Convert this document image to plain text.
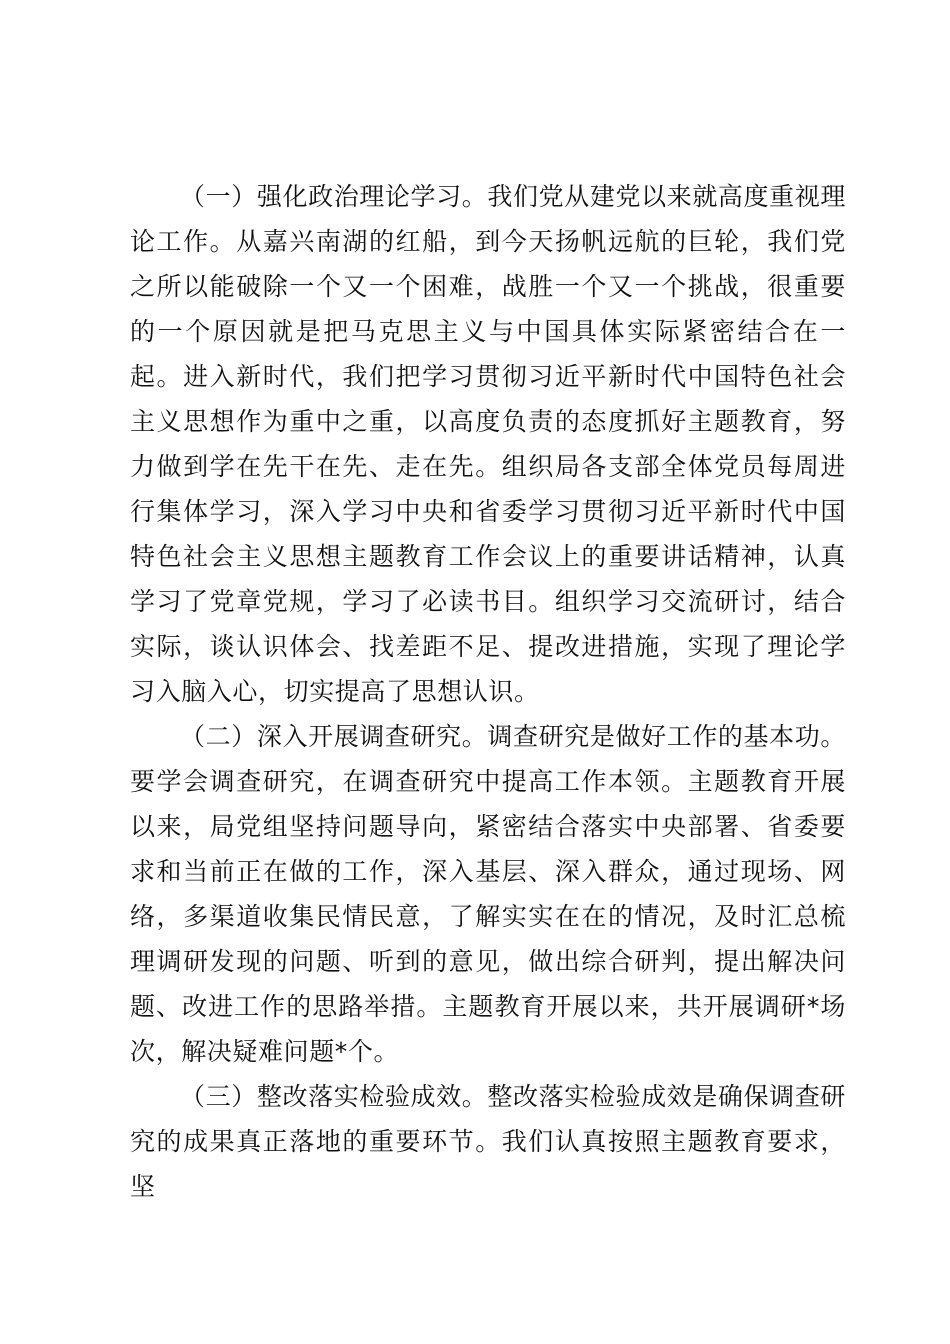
（一）强化政治理论学习。我们党从建党以来就高度重视理论工作。从嘉兴南湖的红船，到今天扬帆远航的巨轮，我们党之所以能破除一个又一个困难，战胜一个又一个挑战，很重要的一个原因就是把马克思主义与中国具体实际紧密结合在一起。进入新时代，我们把学习贯彻习近平新时代中国特色社会主义思想作为重中之重，以高度负责的态度抓好主题教育，努力做到学在先干在先、走在先。组织局各支部全体党员每周进行集体学习，深入学习中央和省委学习贯彻习近平新时代中国特色社会主义思想主题教育工作会议上的重要讲话精神，认真学习了党章党规，学习了必读书目。组织学习交流研讨，结合实际，谈认识体会、找差距不足、提改进措施，实现了理论学习入脑入心，切实提高了思想认识。

（二）深入开展调查研究。调查研究是做好工作的基本功。要学会调查研究，在调查研究中提高工作本领。主题教育开展以来，局党组坚持问题导向，紧密结合落实中央部署、省委要求和当前正在做的工作，深入基层、深入群众，通过现场、网络，多渠道收集民情民意，了解实实在在的情况，及时汇总梳理调研发现的问题、听到的意见，做出综合研判，提出解决问题、改进工作的思路举措。主题教育开展以来，共开展调研*场次，解决疑难问题*个。

（三）整改落实检验成效。整改落实检验成效是确保调查研究的成果真正落地的重要环节。我们认真按照主题教育要求，坚
